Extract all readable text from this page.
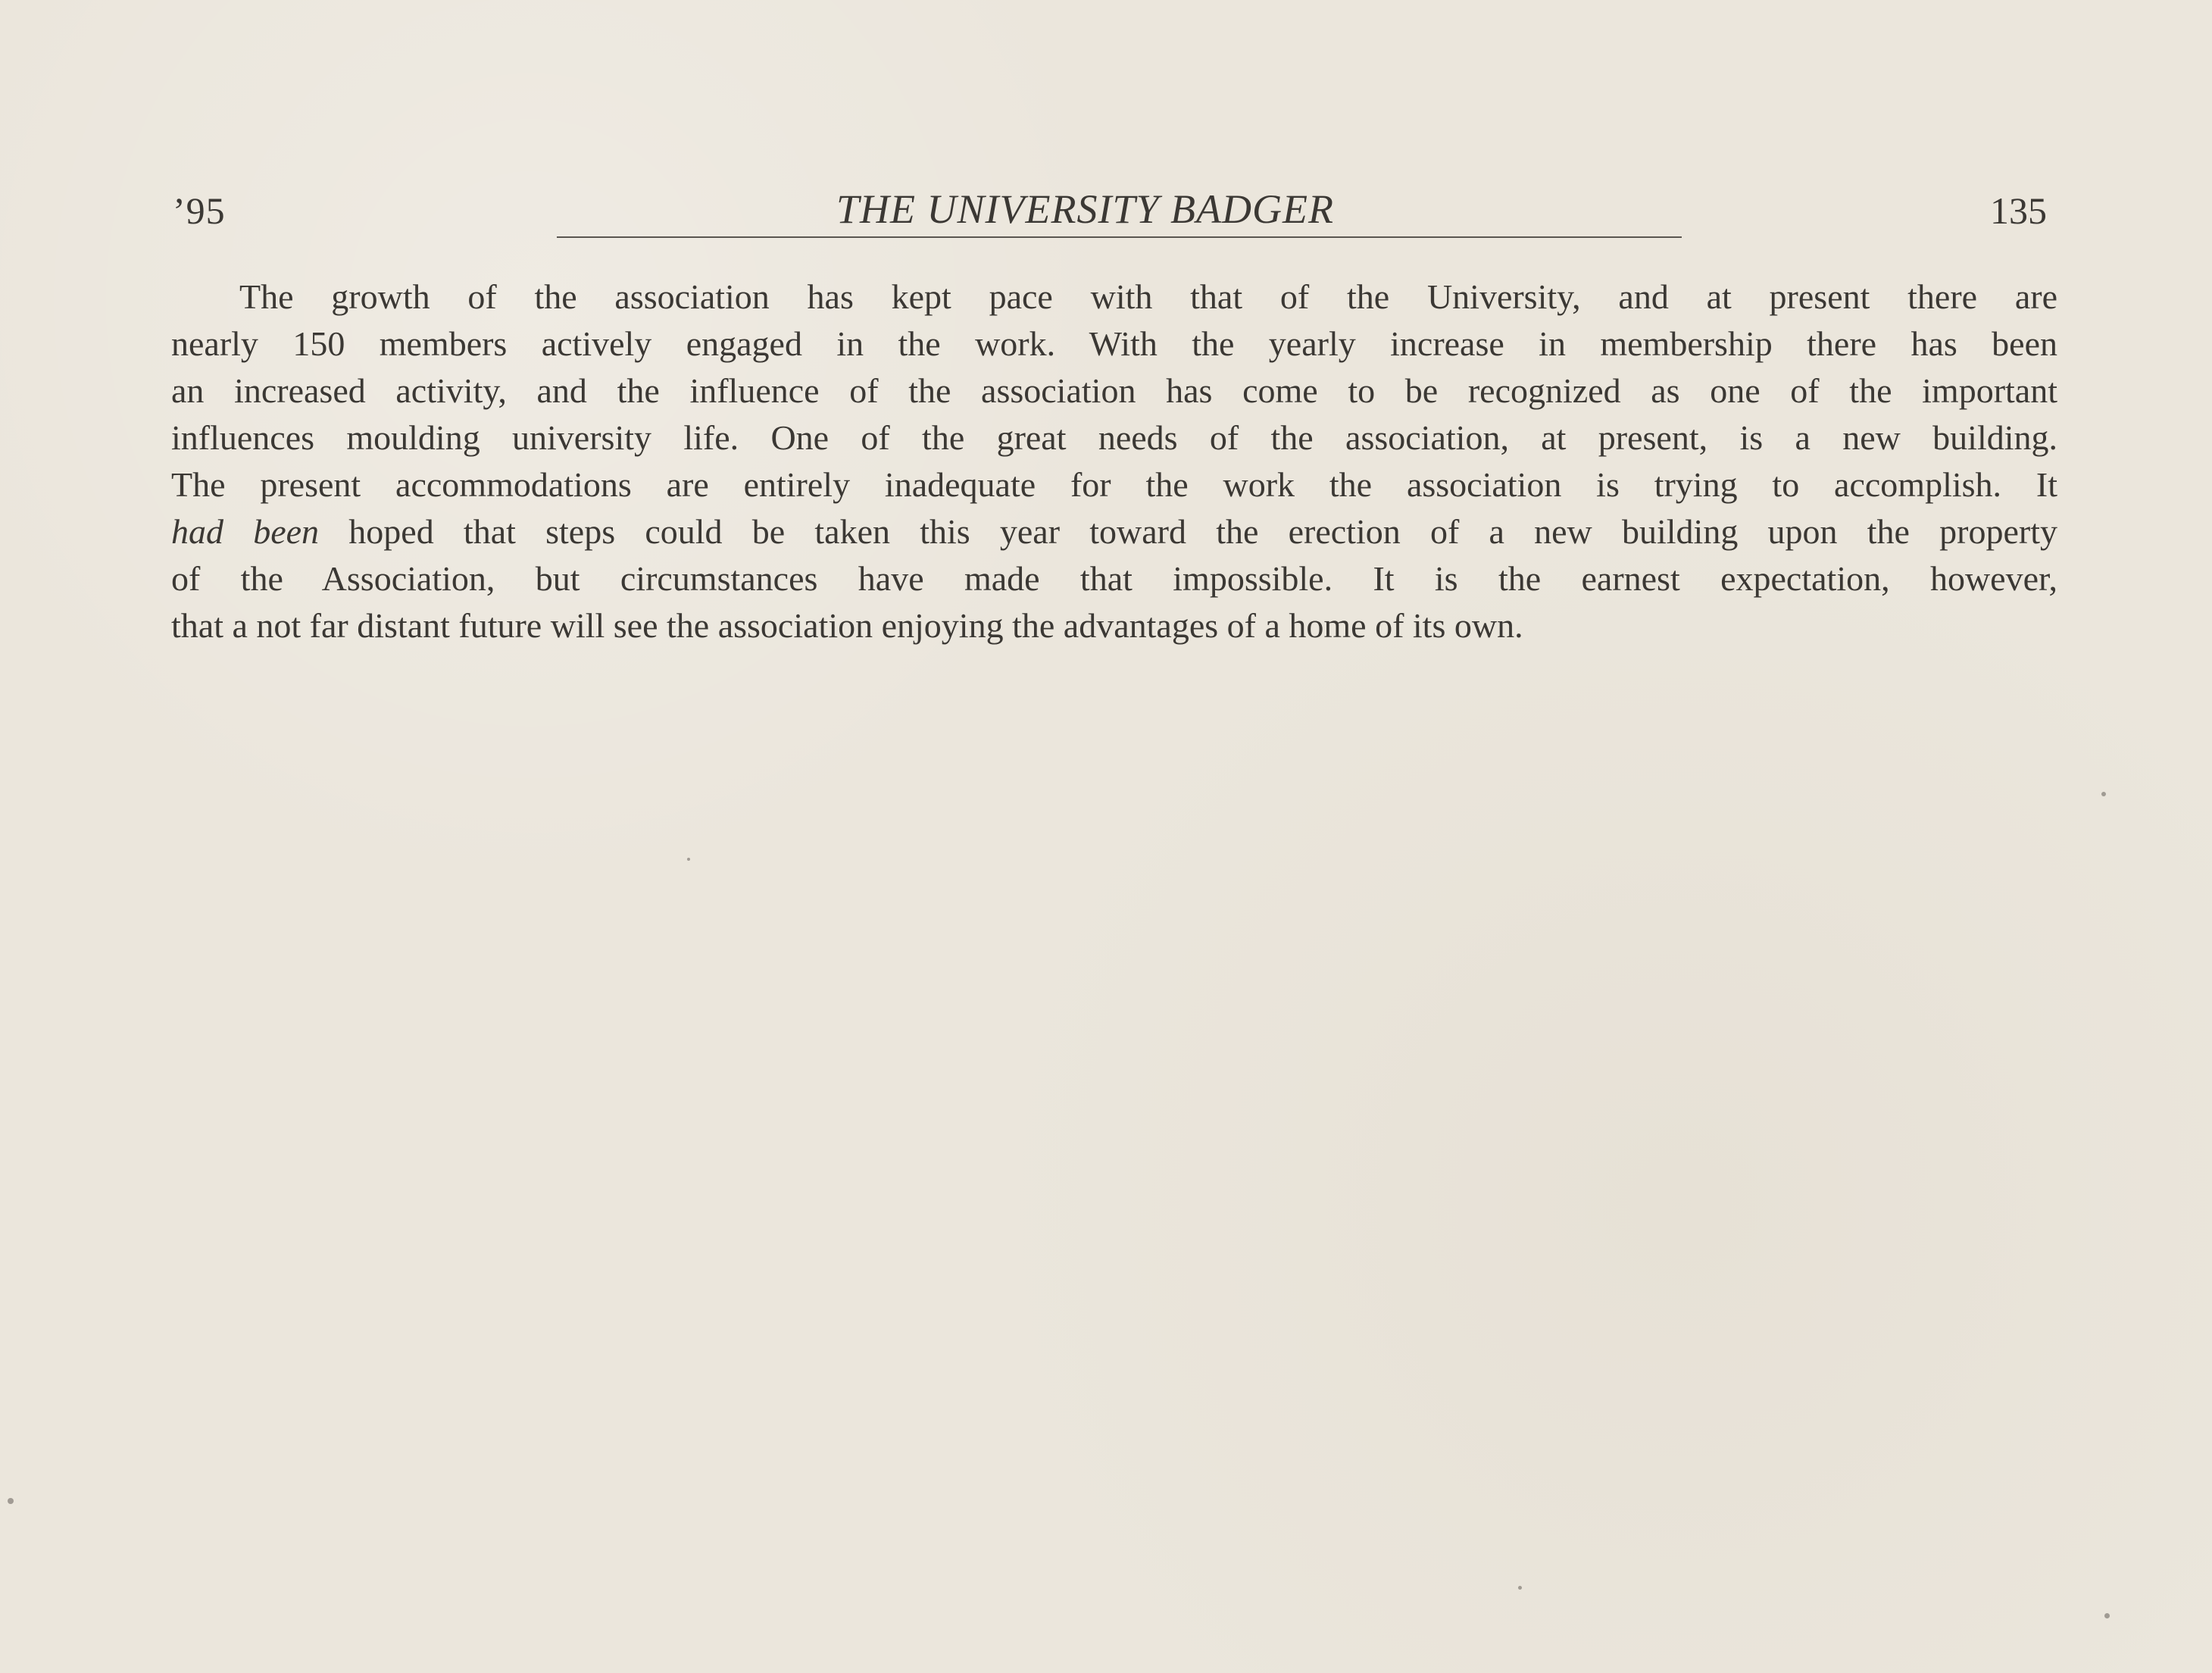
’95	THE UNIVERSITY BADGER	135
The growth of the association has kept pace with that of the University, and at present there are
nearly 150 members actively engaged in the work. With the yearly increase in membership there has been
an increased activity, and the influence of the association has come to be recognized as one of the important
influences moulding university life. One of the great needs of the association, at present, is a new building.
The present accommodations are entirely inadequate for the work the association is trying to accomplish. It
had been hoped that steps could be taken this year toward the erection of a new building upon the property
of the Association, but circumstances have made that impossible. It is the earnest expectation, however,
that a not far distant future will see the association enjoying the advantages of a home of its own.
